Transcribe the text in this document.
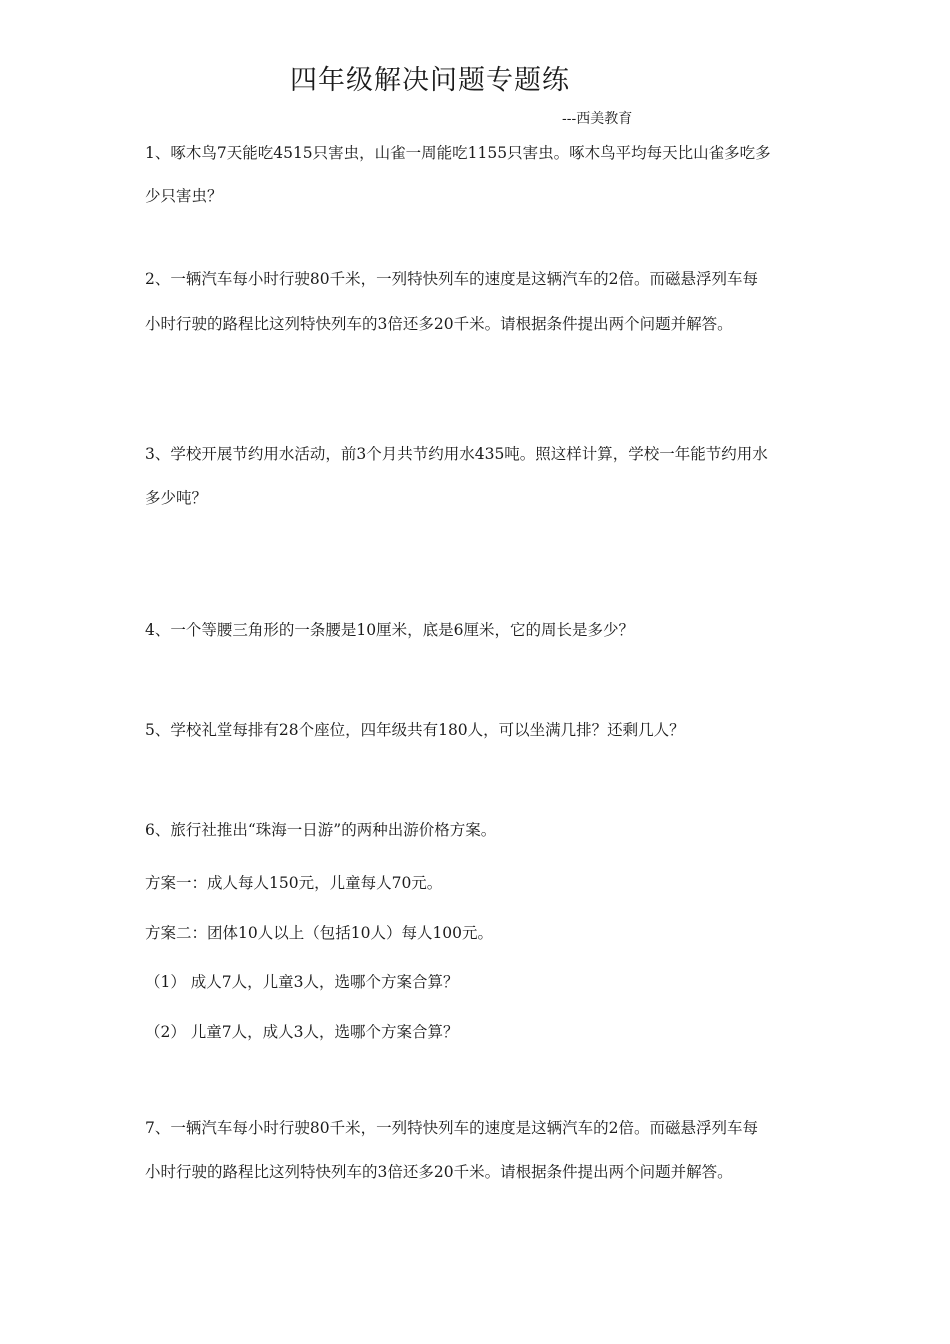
四年级解决问题专题练
---西美教育
1、啄木鸟7天能吃4515只害虫，山雀一周能吃1155只害虫。啄木鸟平均每天比山雀多吃多
少只害虫？
2、一辆汽车每小时行驶80千米，一列特快列车的速度是这辆汽车的2倍。而磁悬浮列车每
小时行驶的路程比这列特快列车的3倍还多20千米。请根据条件提出两个问题并解答。
3、学校开展节约用水活动，前3个月共节约用水435吨。照这样计算，学校一年能节约用水
多少吨？
4、一个等腰三角形的一条腰是10厘米，底是6厘米，它的周长是多少？
5、学校礼堂每排有28个座位，四年级共有180人，可以坐满几排？还剩几人？
6、旅行社推出“珠海一日游”的两种出游价格方案。
方案一：成人每人150元，儿童每人70元。
方案二：团体10人以上（包括10人）每人100元。
（1） 成人7人，儿童3人，选哪个方案合算？
（2） 儿童7人，成人3人，选哪个方案合算？
7、一辆汽车每小时行驶80千米，一列特快列车的速度是这辆汽车的2倍。而磁悬浮列车每
小时行驶的路程比这列特快列车的3倍还多20千米。请根据条件提出两个问题并解答。
